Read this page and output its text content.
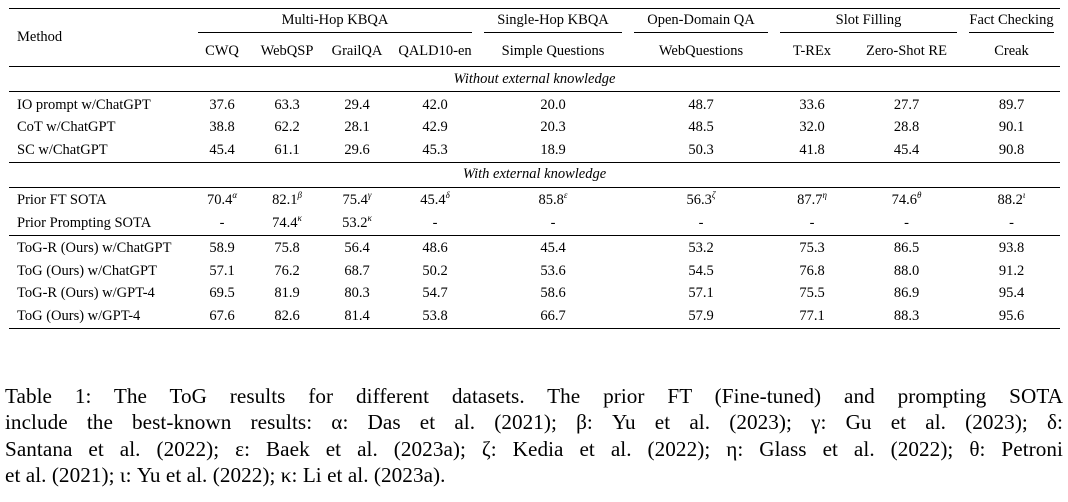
Method	Multi-Hop KBQA				Single-Hop KBQA	Open-Domain QA	Slot Filling		Fact Checking

	CWQ	WebQSP	GrailQA	QALD10-en	Simple Questions	WebQuestions	T-REx	Zero-Shot RE	Creak
Without external knowledge									
IO prompt w/ChatGPT	37.6	63.3	29.4	42.0	20.0	48.7	33.6	27.7	89.7
CoT w/ChatGPT	38.8	62.2	28.1	42.9	20.3	48.5	32.0	28.8	90.1
SC w/ChatGPT	45.4	61.1	29.6	45.3	18.9	50.3	41.8	45.4	90.8
With external knowledge									
Prior FT SOTA	$70.4^\alpha$	$82.1^\beta$	$75.4^\gamma$	$45.4^\delta$	$85.8^\varepsilon$	$56.3^\zeta$	$87.7^\eta$	$74.6^\theta$	$88.2^\iota$
Prior Prompting SOTA	-	$74.4^\kappa$	$53.2^\kappa$	-	-	-	-	-	-
ToG-R (Ours) w/ChatGPT	58.9	75.8	56.4	48.6	45.4	53.2	75.3	86.5	93.8
ToG (Ours) w/ChatGPT	57.1	76.2	68.7	50.2	53.6	54.5	76.8	88.0	91.2
ToG-R (Ours) w/GPT-4	69.5	81.9	80.3	54.7	58.6	57.1	75.5	86.9	95.4
ToG (Ours) w/GPT-4	67.6	82.6	81.4	53.8	66.7	57.9	77.1	88.3	95.6
Table 1: The ToG results for different datasets. The prior FT (Fine-tuned) and prompting SOTA
include the best-known results: α: Das et al. (2021); β: Yu et al. (2023); γ: Gu et al. (2023); δ:
Santana et al. (2022); ε: Baek et al. (2023a); ζ: Kedia et al. (2022); η: Glass et al. (2022); θ: Petroni
et al. (2021); ι: Yu et al. (2022); κ: Li et al. (2023a).
